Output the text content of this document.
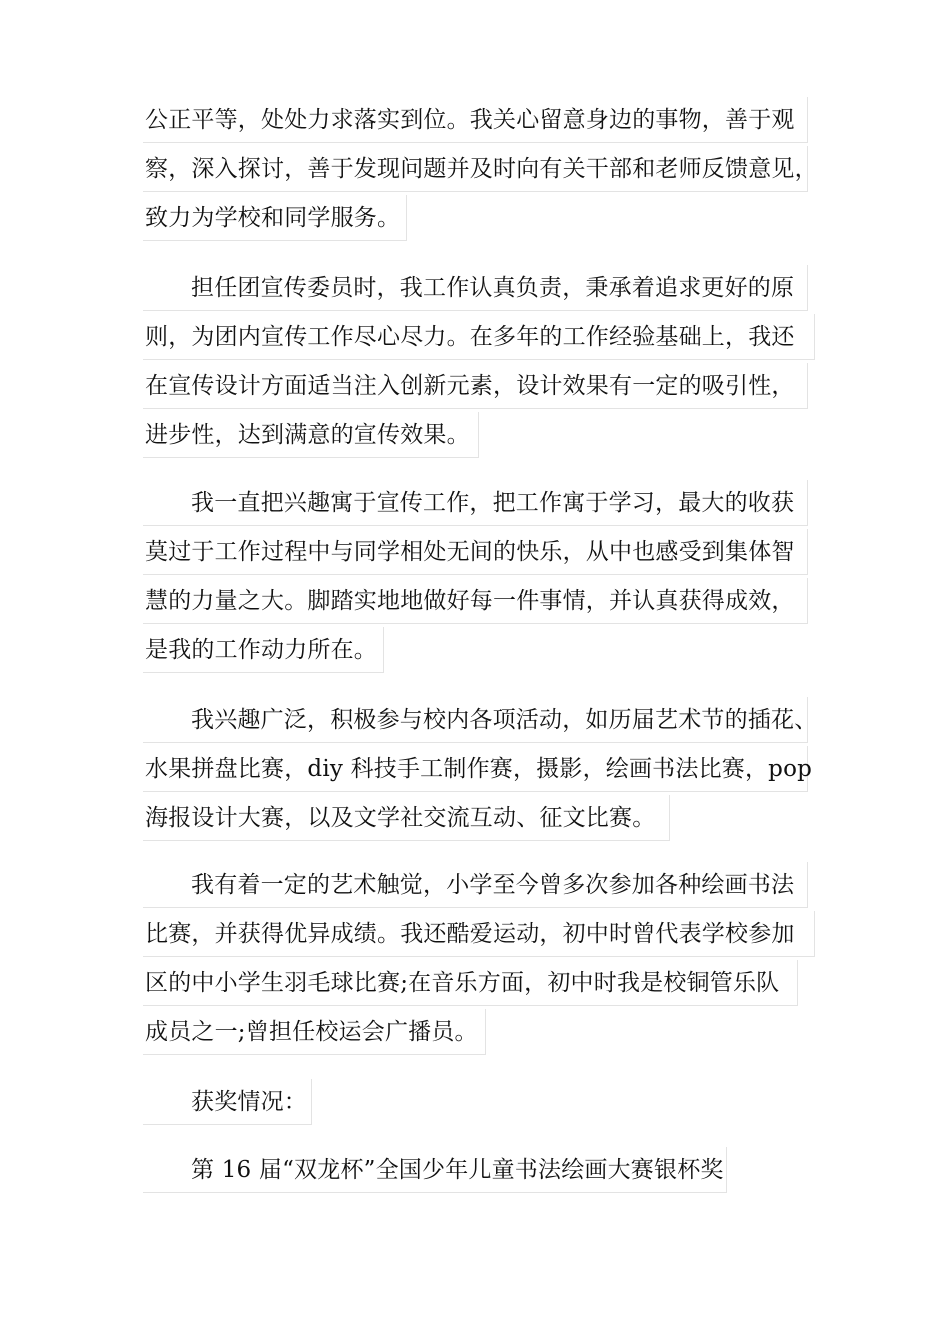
公正平等，处处力求落实到位。我关心留意身边的事物，善于观
察，深入探讨，善于发现问题并及时向有关干部和老师反馈意见，
致力为学校和同学服务。
担任团宣传委员时，我工作认真负责，秉承着追求更好的原
则，为团内宣传工作尽心尽力。在多年的工作经验基础上，我还
在宣传设计方面适当注入创新元素，设计效果有一定的吸引性，
进步性，达到满意的宣传效果。
我一直把兴趣寓于宣传工作，把工作寓于学习，最大的收获
莫过于工作过程中与同学相处无间的快乐，从中也感受到集体智
慧的力量之大。脚踏实地地做好每一件事情，并认真获得成效，
是我的工作动力所在。
我兴趣广泛，积极参与校内各项活动，如历届艺术节的插花、
水果拼盘比赛，diy 科技手工制作赛，摄影，绘画书法比赛，pop
海报设计大赛，以及文学社交流互动、征文比赛。
我有着一定的艺术触觉，小学至今曾多次参加各种绘画书法
比赛，并获得优异成绩。我还酷爱运动，初中时曾代表学校参加
区的中小学生羽毛球比赛;在音乐方面，初中时我是校铜管乐队
成员之一;曾担任校运会广播员。
获奖情况：
第 16 届“双龙杯”全国少年儿童书法绘画大赛银杯奖
